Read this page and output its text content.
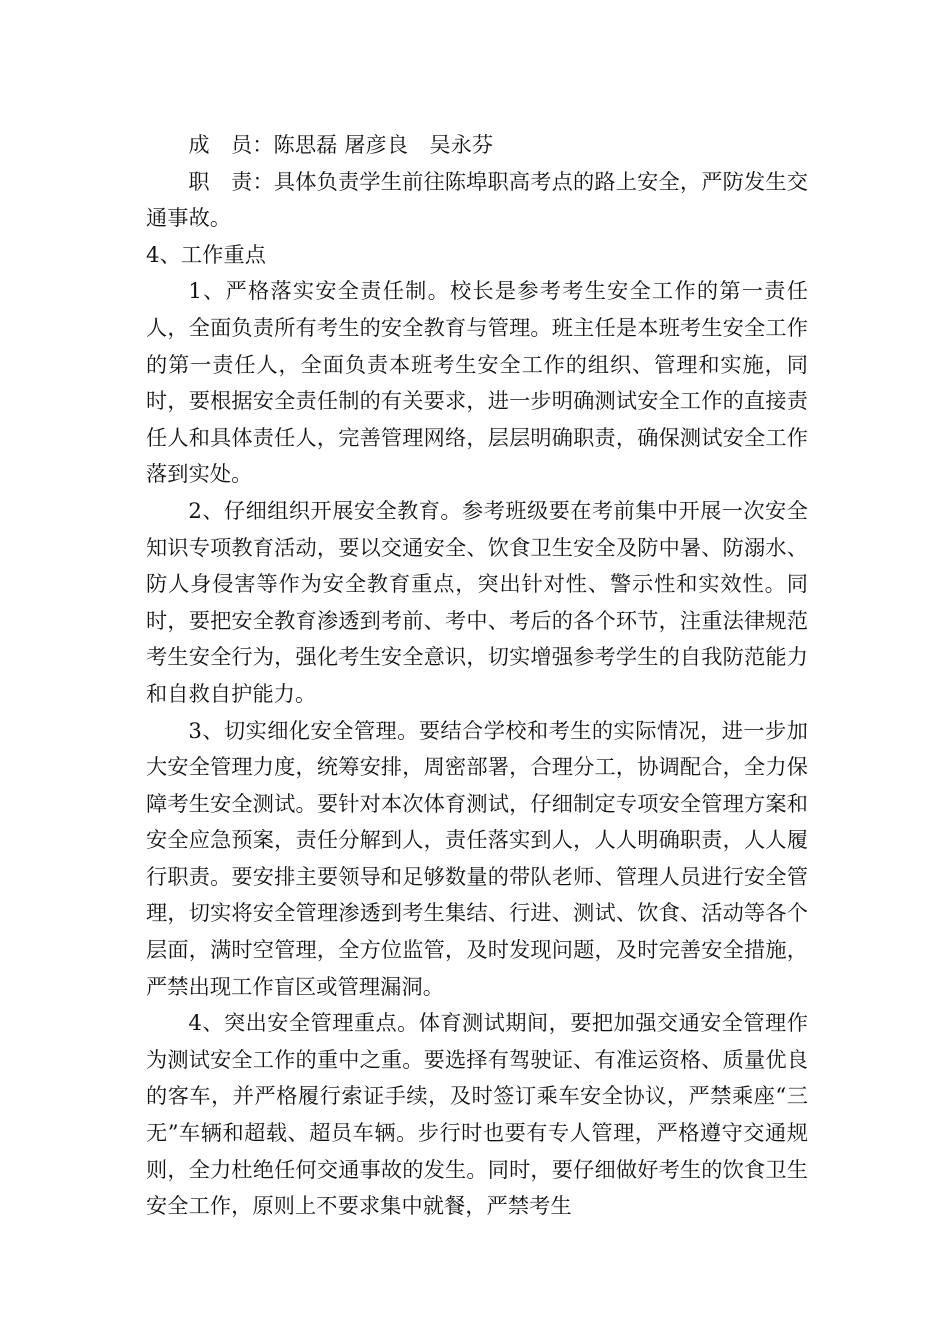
成　员：陈思磊 屠彦良　吴永芬

职　责：具体负责学生前往陈埠职高考点的路上安全，严防发生交通事故。

4、工作重点

1、严格落实安全责任制。校长是参考考生安全工作的第一责任人，全面负责所有考生的安全教育与管理。班主任是本班考生安全工作的第一责任人，全面负责本班考生安全工作的组织、管理和实施，同时，要根据安全责任制的有关要求，进一步明确测试安全工作的直接责任人和具体责任人，完善管理网络，层层明确职责，确保测试安全工作落到实处。

2、仔细组织开展安全教育。参考班级要在考前集中开展一次安全知识专项教育活动，要以交通安全、饮食卫生安全及防中暑、防溺水、防人身侵害等作为安全教育重点，突出针对性、警示性和实效性。同时，要把安全教育渗透到考前、考中、考后的各个环节，注重法律规范考生安全行为，强化考生安全意识，切实增强参考学生的自我防范能力和自救自护能力。

3、切实细化安全管理。要结合学校和考生的实际情况，进一步加大安全管理力度，统筹安排，周密部署，合理分工，协调配合，全力保障考生安全测试。要针对本次体育测试，仔细制定专项安全管理方案和安全应急预案，责任分解到人，责任落实到人，人人明确职责，人人履行职责。要安排主要领导和足够数量的带队老师、管理人员进行安全管理，切实将安全管理渗透到考生集结、行进、测试、饮食、活动等各个层面，满时空管理，全方位监管，及时发现问题，及时完善安全措施，严禁出现工作盲区或管理漏洞。

4、突出安全管理重点。体育测试期间，要把加强交通安全管理作为测试安全工作的重中之重。要选择有驾驶证、有准运资格、质量优良的客车，并严格履行索证手续，及时签订乘车安全协议，严禁乘座“三无”车辆和超载、超员车辆。步行时也要有专人管理，严格遵守交通规则，全力杜绝任何交通事故的发生。同时，要仔细做好考生的饮食卫生安全工作，原则上不要求集中就餐，严禁考生
